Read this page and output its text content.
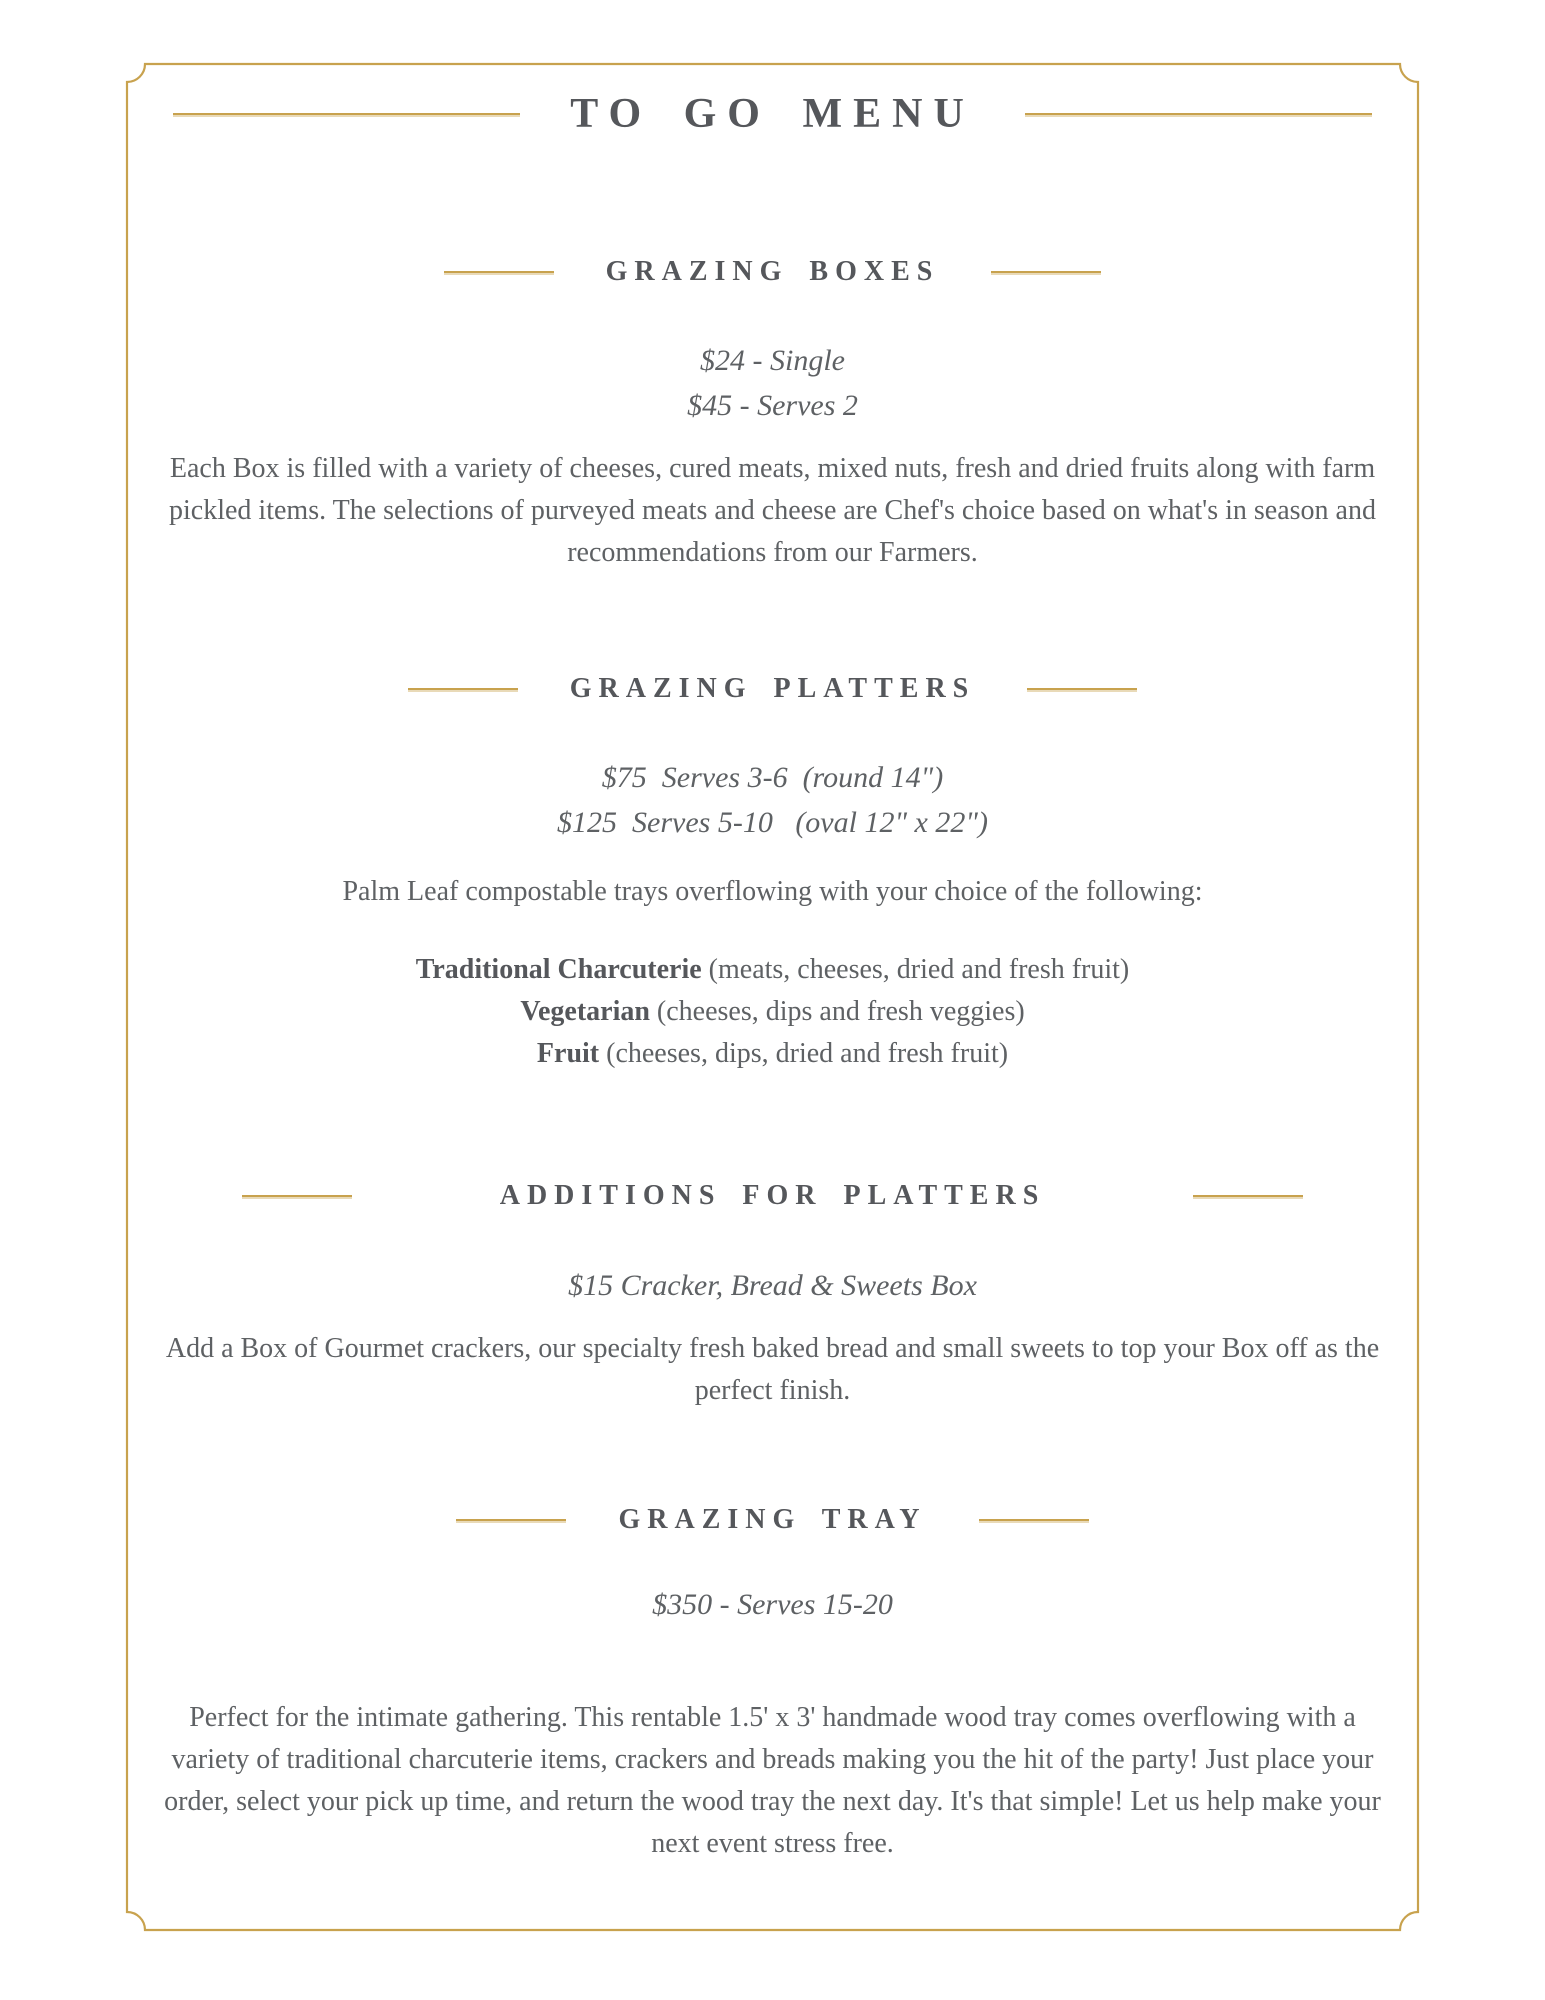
TO GO MENU
GRAZING BOXES
$24 - Single
$45 - Serves 2

Each Box is filled with a variety of cheeses, cured meats, mixed nuts, fresh and dried fruits along with farm pickled items. The selections of purveyed meats and cheese are Chef's choice based on what's in season and recommendations from our Farmers.

GRAZING PLATTERS
$75  Serves 3-6  (round 14")
$125  Serves 5-10   (oval 12" x 22")

Palm Leaf compostable trays overflowing with your choice of the following:

Traditional Charcuterie (meats, cheeses, dried and fresh fruit)
Vegetarian (cheeses, dips and fresh veggies)
Fruit (cheeses, dips, dried and fresh fruit)
ADDITIONS FOR PLATTERS
$15 Cracker, Bread & Sweets Box

Add a Box of Gourmet crackers, our specialty fresh baked bread and small sweets to top your Box off as the perfect finish.

GRAZING TRAY
$350 - Serves 15-20

Perfect for the intimate gathering. This rentable 1.5' x 3' handmade wood tray comes overflowing with a variety of traditional charcuterie items, crackers and breads making you the hit of the party! Just place your order, select your pick up time, and return the wood tray the next day. It's that simple! Let us help make your next event stress free.
